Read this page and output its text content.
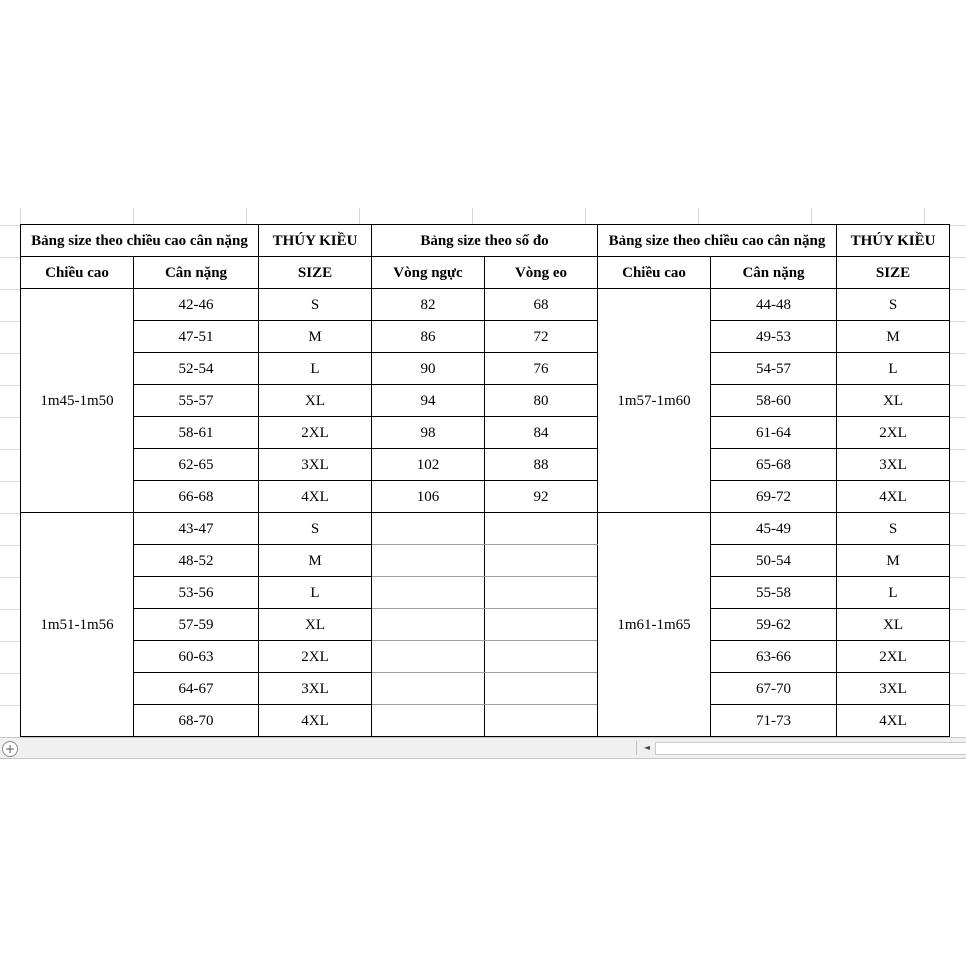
Bảng size theo chiều cao cân nặng		THÚY KIỀU	Bảng size theo số đo		Bảng size theo chiều cao cân nặng		THÚY KIỀU
Chiều cao	Cân nặng	SIZE	Vòng ngực	Vòng eo	Chiều cao	Cân nặng	SIZE
1m45-1m50	42-46	S	82	68	1m57-1m60	44-48	S
	47-51	M	86	72		49-53	M
	52-54	L	90	76		54-57	L
	55-57	XL	94	80		58-60	XL
	58-61	2XL	98	84		61-64	2XL
	62-65	3XL	102	88		65-68	3XL
	66-68	4XL	106	92		69-72	4XL
1m51-1m56	43-47	S			1m61-1m65	45-49	S
	48-52	M				50-54	M
	53-56	L				55-58	L
	57-59	XL				59-62	XL
	60-63	2XL				63-66	2XL
	64-67	3XL				67-70	3XL
	68-70	4XL				71-73	4XL
+	◄
